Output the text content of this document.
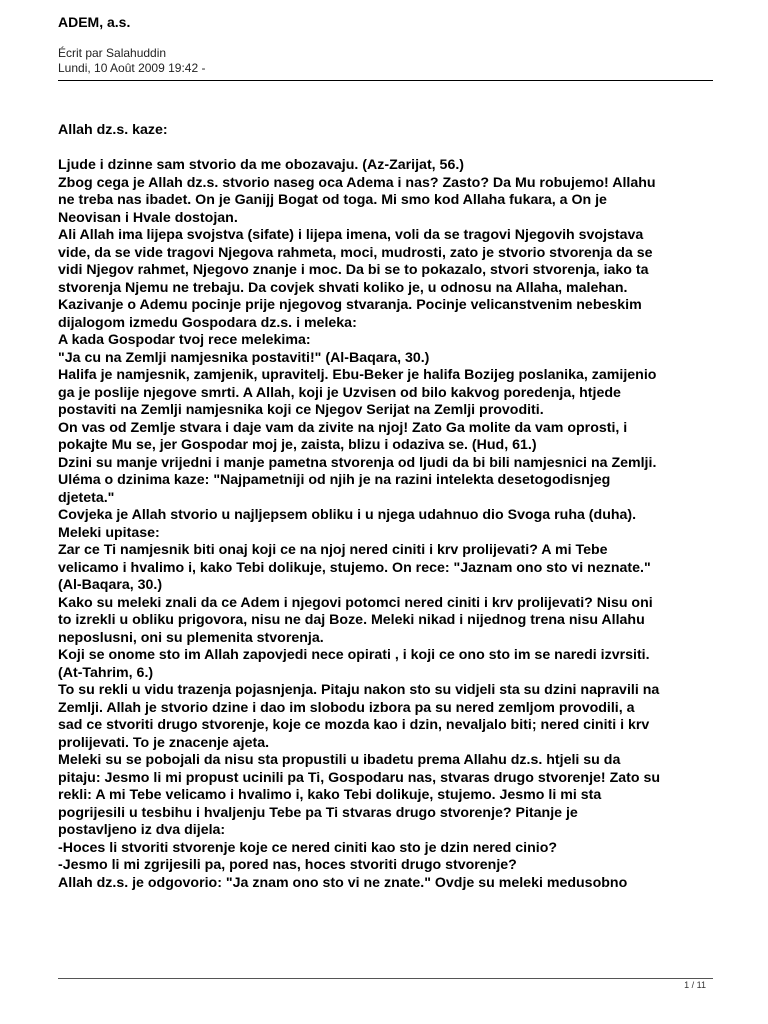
ADEM, a.s.
Écrit par Salahuddin
Lundi, 10 Août 2009 19:42 -
Allah dz.s. kaze:
Ljude i dzinne sam stvorio da me obozavaju. (Az-Zarijat, 56.)
Zbog cega je Allah dz.s. stvorio naseg oca Adema i nas? Zasto? Da Mu robujemo! Allahu
ne treba nas ibadet. On je Ganijj Bogat od toga. Mi smo kod Allaha fukara, a On je
Neovisan i Hvale dostojan.
Ali Allah ima lijepa svojstva (sifate) i lijepa imena, voli da se tragovi Njegovih svojstava
vide, da se vide tragovi Njegova rahmeta, moci, mudrosti, zato je stvorio stvorenja da se
vidi Njegov rahmet, Njegovo znanje i moc. Da bi se to pokazalo, stvori stvorenja, iako ta
stvorenja Njemu ne trebaju. Da covjek shvati koliko je, u odnosu na Allaha, malehan.
Kazivanje o Ademu pocinje prije njegovog stvaranja. Pocinje velicanstvenim nebeskim
dijalogom izmedu Gospodara dz.s. i meleka:
A kada Gospodar tvoj rece melekima:
"Ja cu na Zemlji namjesnika postaviti!" (Al-Baqara, 30.)
Halifa je namjesnik, zamjenik, upravitelj. Ebu-Beker je halifa Bozijeg poslanika, zamijenio
ga je poslije njegove smrti. A Allah, koji je Uzvisen od bilo kakvog poredenja, htjede
postaviti na Zemlji namjesnika koji ce Njegov Serijat na Zemlji provoditi.
On vas od Zemlje stvara i daje vam da zivite na njoj! Zato Ga molite da vam oprosti, i
pokajte Mu se, jer Gospodar moj je, zaista, blizu i odaziva se. (Hud, 61.)
Dzini su manje vrijedni i manje pametna stvorenja od ljudi da bi bili namjesnici na Zemlji.
Uléma o dzinima kaze: "Najpametniji od njih je na razini intelekta desetogodisnjeg
djeteta."
Covjeka je Allah stvorio u najljepsem obliku i u njega udahnuo dio Svoga ruha (duha).
Meleki upitase:
Zar ce Ti namjesnik biti onaj koji ce na njoj nered ciniti i krv prolijevati? A mi Tebe
velicamo i hvalimo i, kako Tebi dolikuje, stujemo. On rece: "Jaznam ono sto vi neznate."
(Al-Baqara, 30.)
Kako su meleki znali da ce Adem i njegovi potomci nered ciniti i krv prolijevati? Nisu oni
to izrekli u obliku prigovora, nisu ne daj Boze. Meleki nikad i nijednog trena nisu Allahu
neposlusni, oni su plemenita stvorenja.
Koji se onome sto im Allah zapovjedi nece opirati , i koji ce ono sto im se naredi izvrsiti.
(At-Tahrim, 6.)
To su rekli u vidu trazenja pojasnjenja. Pitaju nakon sto su vidjeli sta su dzini napravili na
Zemlji. Allah je stvorio dzine i dao im slobodu izbora pa su nered zemljom provodili, a
sad ce stvoriti drugo stvorenje, koje ce mozda kao i dzin, nevaljalo biti; nered ciniti i krv
prolijevati. To je znacenje ajeta.
Meleki su se pobojali da nisu sta propustili u ibadetu prema Allahu dz.s. htjeli su da
pitaju: Jesmo li mi propust ucinili pa Ti, Gospodaru nas, stvaras drugo stvorenje! Zato su
rekli: A mi Tebe velicamo i hvalimo i, kako Tebi dolikuje, stujemo. Jesmo li mi sta
pogrijesili u tesbihu i hvaljenju Tebe pa Ti stvaras drugo stvorenje? Pitanje je
postavljeno iz dva dijela:
-Hoces li stvoriti stvorenje koje ce nered ciniti kao sto je dzin nered cinio?
-Jesmo li mi zgrijesili pa, pored nas, hoces stvoriti drugo stvorenje?
Allah dz.s. je odgovorio: "Ja znam ono sto vi ne znate." Ovdje su meleki medusobno
1 / 11
